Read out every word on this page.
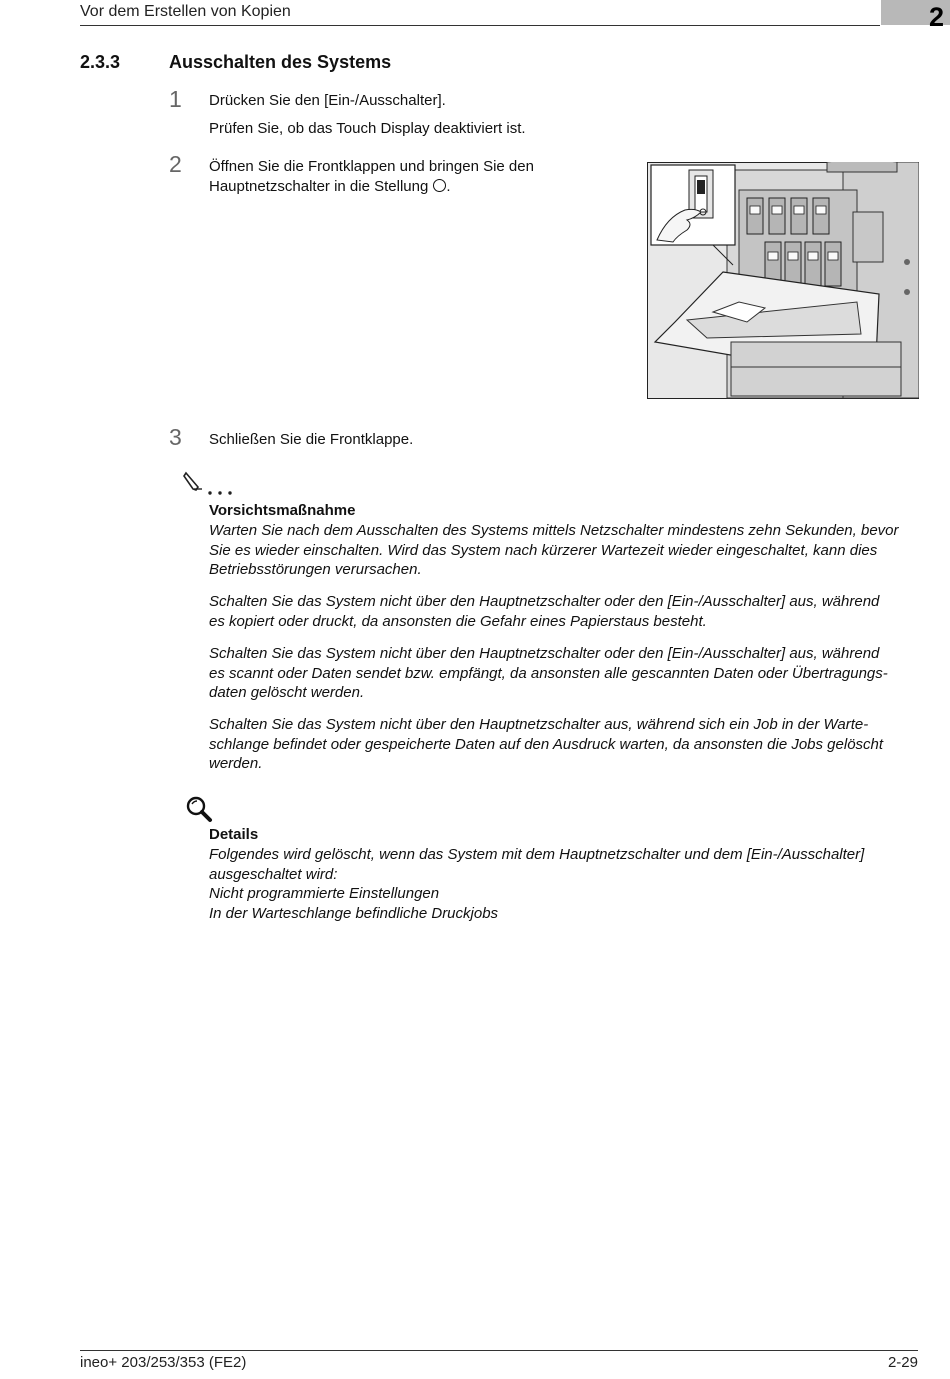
Vor dem Erstellen von Kopien	2
2.3.3	Ausschalten des Systems
1 Drücken Sie den [Ein-/Ausschalter].
Prüfen Sie, ob das Touch Display deaktiviert ist.
2 Öffnen Sie die Frontklappen und bringen Sie den
Hauptnetzschalter in die Stellung .
3 Schließen Sie die Frontklappe.
Vorsichtsmaßnahme
Warten Sie nach dem Ausschalten des Systems mittels Netzschalter mindestens zehn Sekunden, bevor
Sie es wieder einschalten. Wird das System nach kürzerer Wartezeit wieder eingeschaltet, kann dies
Betriebsstörungen verursachen.
Schalten Sie das System nicht über den Hauptnetzschalter oder den [Ein-/Ausschalter] aus, während
es kopiert oder druckt, da ansonsten die Gefahr eines Papierstaus besteht.
Schalten Sie das System nicht über den Hauptnetzschalter oder den [Ein-/Ausschalter] aus, während
es scannt oder Daten sendet bzw. empfängt, da ansonsten alle gescannten Daten oder Übertragungs-
daten gelöscht werden.
Schalten Sie das System nicht über den Hauptnetzschalter aus, während sich ein Job in der Warte-
schlange befindet oder gespeicherte Daten auf den Ausdruck warten, da ansonsten die Jobs gelöscht
werden.
Details
Folgendes wird gelöscht, wenn das System mit dem Hauptnetzschalter und dem [Ein-/Ausschalter]
ausgeschaltet wird:
Nicht programmierte Einstellungen
In der Warteschlange befindliche Druckjobs
ineo+ 203/253/353 (FE2)	2-29
